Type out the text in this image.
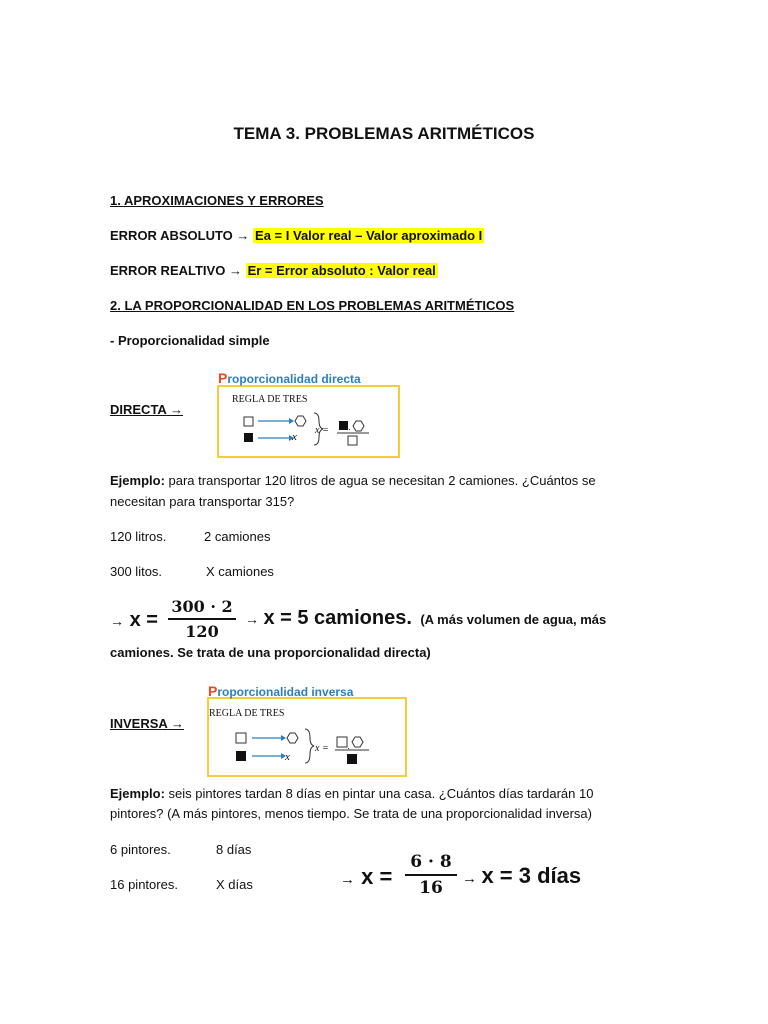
TEMA 3. PROBLEMAS ARITMÉTICOS
1. APROXIMACIONES Y ERRORES
ERROR ABSOLUTO → Ea = I Valor real – Valor aproximado I
ERROR REALTIVO → Er = Error absoluto : Valor real
2. LA PROPORCIONALIDAD EN LOS PROBLEMAS ARITMÉTICOS
- Proporcionalidad simple
REGLA DE TRES
x
x = ·
Proporcionalidad directa
DIRECTA →
Ejemplo: para transportar 120 litros de agua se necesitan 2 camiones. ¿Cuántos se
necesitan para transportar 315?
120 litros.	2 camiones
300 litos.	X camiones
→ x =
300 · 2
120
→ x = 5 camiones. (A más volumen de agua, más
camiones. Se trata de una proporcionalidad directa)
REGLA DE TRES
x
x = ·
Proporcionalidad inversa
INVERSA →
Ejemplo: seis pintores tardan 8 días en pintar una casa. ¿Cuántos días tardarán 10
pintores? (A más pintores, menos tiempo. Se trata de una proporcionalidad inversa)
6 pintores.	8 días
16 pintores.	X días	→ x =
6 · 8
16	→ x = 3 días
